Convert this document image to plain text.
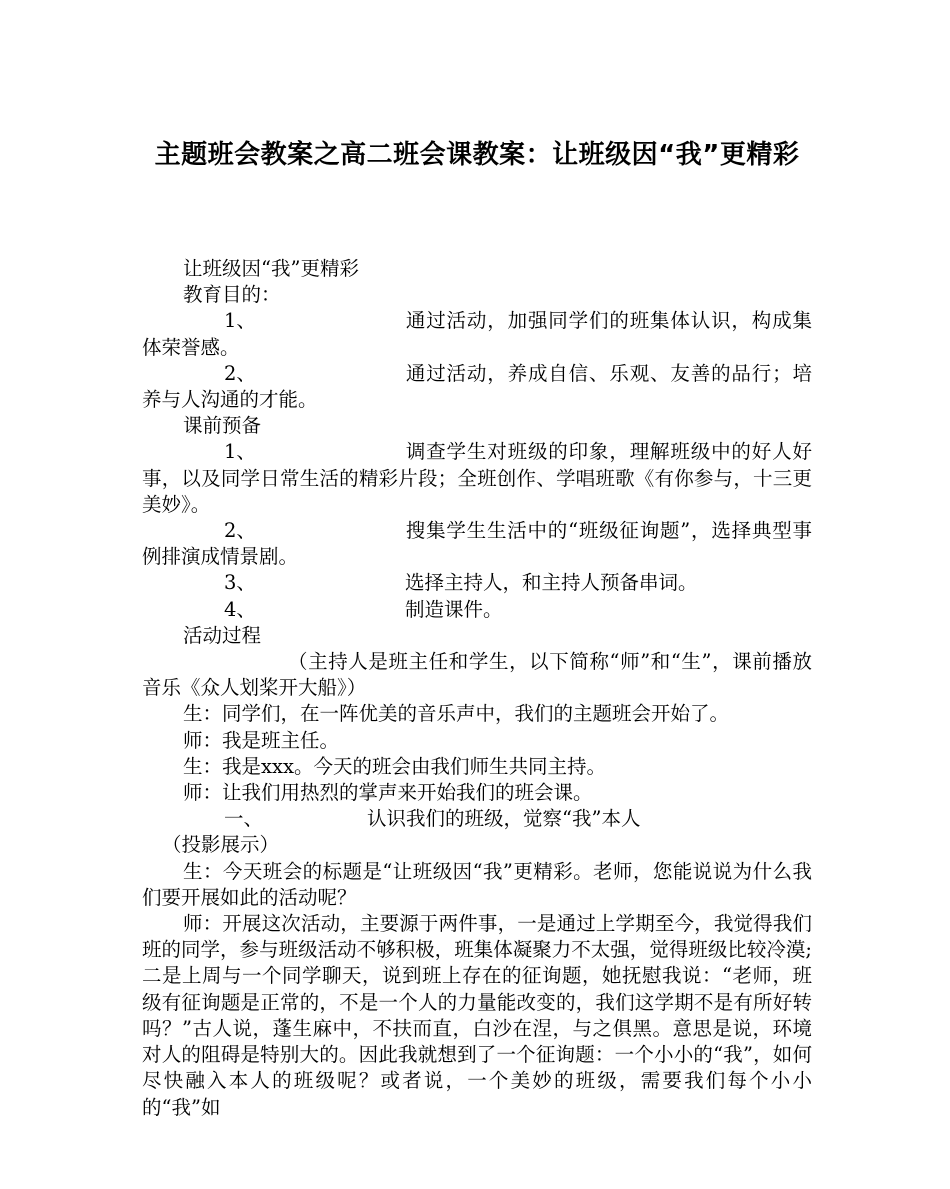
主题班会教案之高二班会课教案：让班级因“我”更精彩

让班级因“我”更精彩

教育目的：

1、	通过活动，加强同学们的班集体认识，构成集体荣誉感。

2、	通过活动，养成自信、乐观、友善的品行；培养与人沟通的才能。

课前预备

1、	调查学生对班级的印象，理解班级中的好人好事，以及同学日常生活的精彩片段；全班创作、学唱班歌《有你参与，十三更美妙》。

2、	搜集学生生活中的“班级征询题”，选择典型事例排演成情景剧。

3、	选择主持人，和主持人预备串词。

4、	制造课件。

活动过程

（主持人是班主任和学生，以下简称“师”和“生”，课前播放音乐《众人划桨开大船》）

生：同学们，在一阵优美的音乐声中，我们的主题班会开始了。

师：我是班主任。

生：我是xxx。今天的班会由我们师生共同主持。

师：让我们用热烈的掌声来开始我们的班会课。

一、	认识我们的班级，觉察“我”本人

（投影展示）

生：今天班会的标题是“让班级因“我”更精彩。老师，您能说说为什么我们要开展如此的活动呢？

师：开展这次活动，主要源于两件事，一是通过上学期至今，我觉得我们班的同学，参与班级活动不够积极，班集体凝聚力不太强，觉得班级比较冷漠;二是上周与一个同学聊天，说到班上存在的征询题，她抚慰我说：“老师，班级有征询题是正常的，不是一个人的力量能改变的，我们这学期不是有所好转吗？”古人说，蓬生麻中，不扶而直，白沙在涅，与之俱黑。意思是说，环境对人的阻碍是特别大的。因此我就想到了一个征询题：一个小小的“我”，如何尽快融入本人的班级呢？或者说，一个美妙的班级，需要我们每个小小的“我”如
